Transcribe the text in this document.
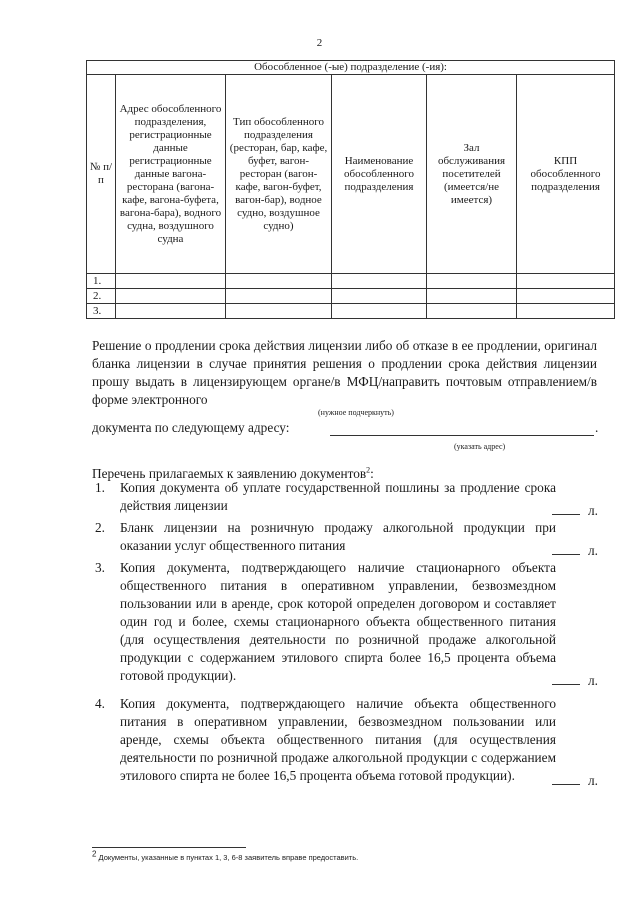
2
Обособленное (-ые) подразделение (-ия):					
№ п/п	Адрес обособленного подразделения, регистрационные данные регистрационные данные вагона-ресторана (вагона-кафе, вагона-буфета, вагона-бара), водного судна, воздушного судна	Тип обособленного подразделения (ресторан, бар, кафе, буфет, вагон-ресторан (вагон-кафе, вагон-буфет, вагон-бар), водное судно, воздушное судно)	Наименование обособленного подразделения	Зал обслуживания посетителей (имеется/не имеется)	КПП обособленного подразделения
1.					
2.					
3.					
Решение о продлении срока действия лицензии либо об отказе в ее продлении, оригинал бланка лицензии в случае принятия решения о продлении срока действия лицензии прошу выдать в лицензирующем органе/в МФЦ/направить почтовым отправлением/в форме электронного
(нужное подчеркнуть)
документа по следующему адресу:	.
(указать адрес)
Перечень прилагаемых к заявлению документов$^2$:
1. Копия документа об уплате государственной пошлины за продление срока действия лицензии	л.
2. Бланк лицензии на розничную продажу алкогольной продукции при оказании услуг общественного питания	л.
3. Копия документа, подтверждающего наличие стационарного объекта общественного питания в оперативном управлении, безвозмездном пользовании или в аренде, срок которой определен договором и составляет один год и более, схемы стационарного объекта общественного питания (для осуществления деятельности по розничной продаже алкогольной продукции с содержанием этилового спирта более 16,5 процента объема готовой продукции).	л.
4. Копия документа, подтверждающего наличие объекта общественного питания в оперативном управлении, безвозмездном пользовании или аренде, схемы объекта общественного питания (для осуществления деятельности по розничной продаже алкогольной продукции с содержанием этилового спирта не более 16,5 процента объема готовой продукции).	л.
$^2$ Документы, указанные в пунктах 1, 3, 6-8 заявитель вправе предоставить.
